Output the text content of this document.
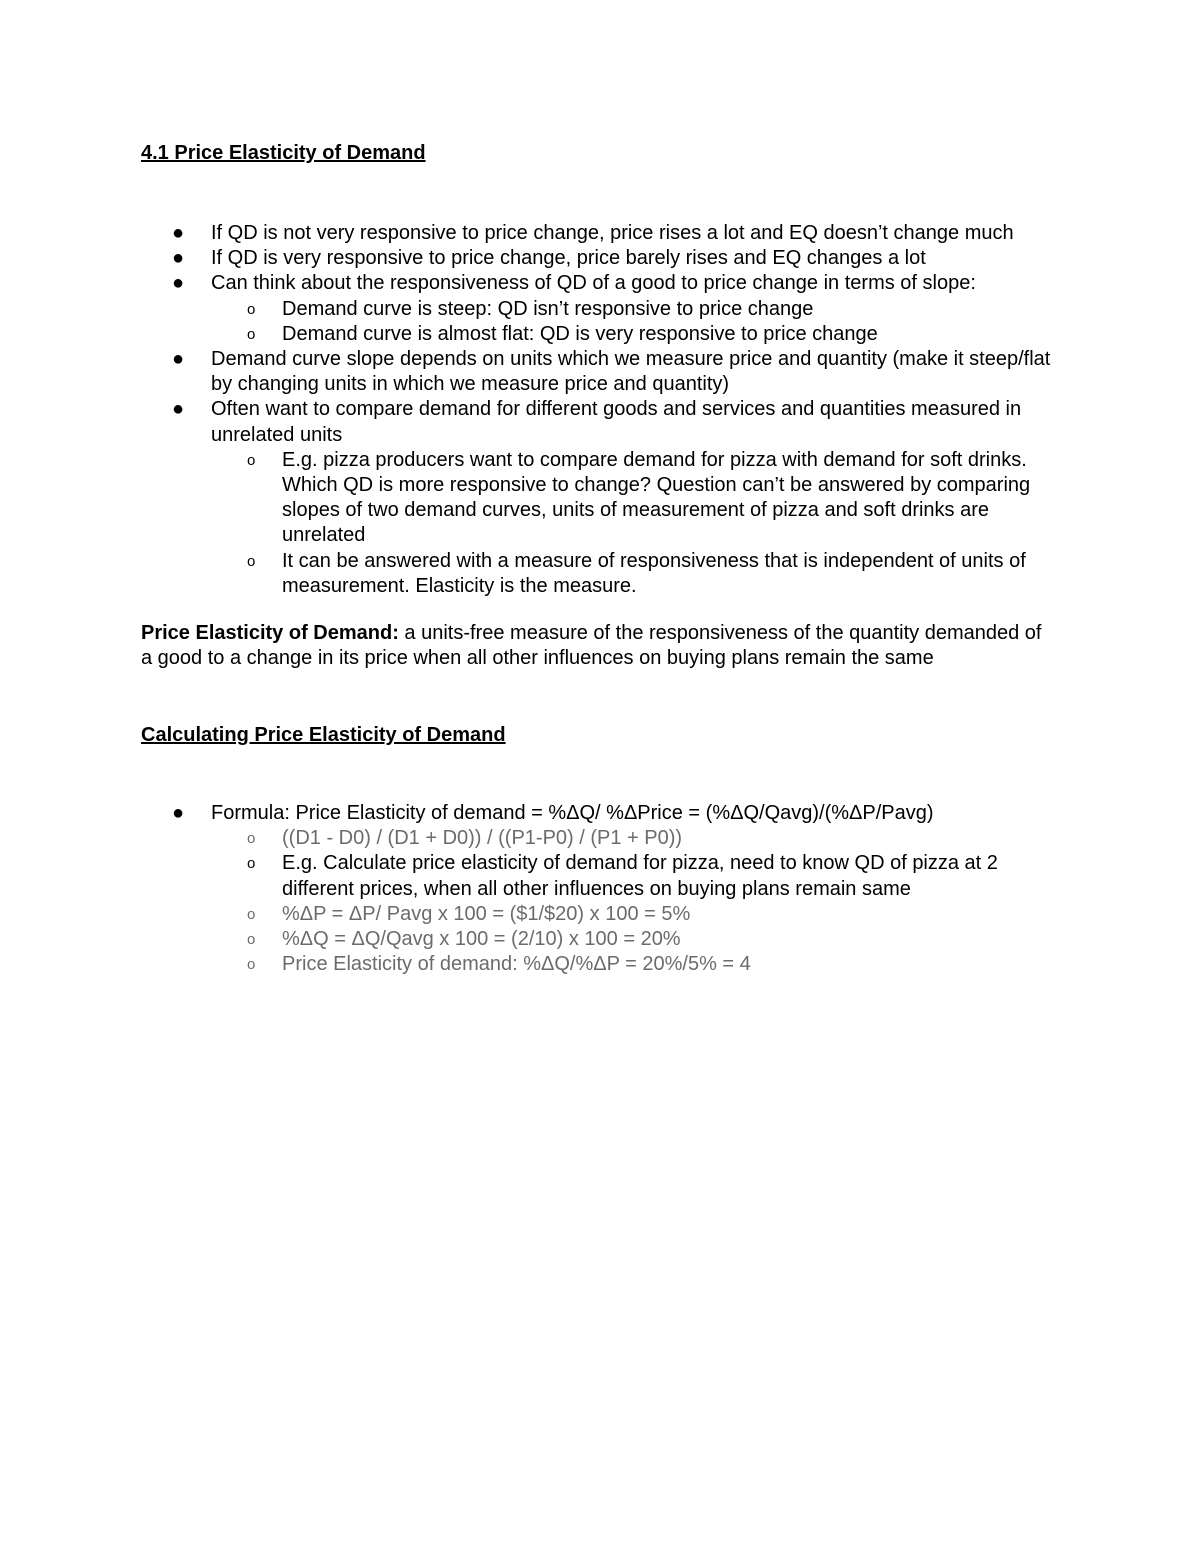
4.1 Price Elasticity of Demand
● If QD is not very responsive to price change, price rises a lot and EQ doesn’t change much
● If QD is very responsive to price change, price barely rises and EQ changes a lot
● Can think about the responsiveness of QD of a good to price change in terms of slope:
o Demand curve is steep: QD isn’t responsive to price change
o Demand curve is almost flat: QD is very responsive to price change
● Demand curve slope depends on units which we measure price and quantity (make it steep/flat by changing units in which we measure price and quantity)
● Often want to compare demand for different goods and services and quantities measured in unrelated units
o E.g. pizza producers want to compare demand for pizza with demand for soft drinks. Which QD is more responsive to change? Question can’t be answered by comparing slopes of two demand curves, units of measurement of pizza and soft drinks are unrelated
o It can be answered with a measure of responsiveness that is independent of units of measurement. Elasticity is the measure.

Price Elasticity of Demand: a units-free measure of the responsiveness of the quantity demanded of a good to a change in its price when all other influences on buying plans remain the same

Calculating Price Elasticity of Demand
● Formula: Price Elasticity of demand = %ΔQ/ %ΔPrice = (%ΔQ/Qavg)/(%ΔP/Pavg)
o ((D1 - D0) / (D1 + D0)) / ((P1-P0) / (P1 + P0))
o E.g. Calculate price elasticity of demand for pizza, need to know QD of pizza at 2 different prices, when all other influences on buying plans remain same
o %ΔP = ΔP/ Pavg x 100 = ($1/$20) x 100 = 5%
o %ΔQ = ΔQ/Qavg x 100 = (2/10) x 100 = 20%
o Price Elasticity of demand: %ΔQ/%ΔP = 20%/5% = 4
